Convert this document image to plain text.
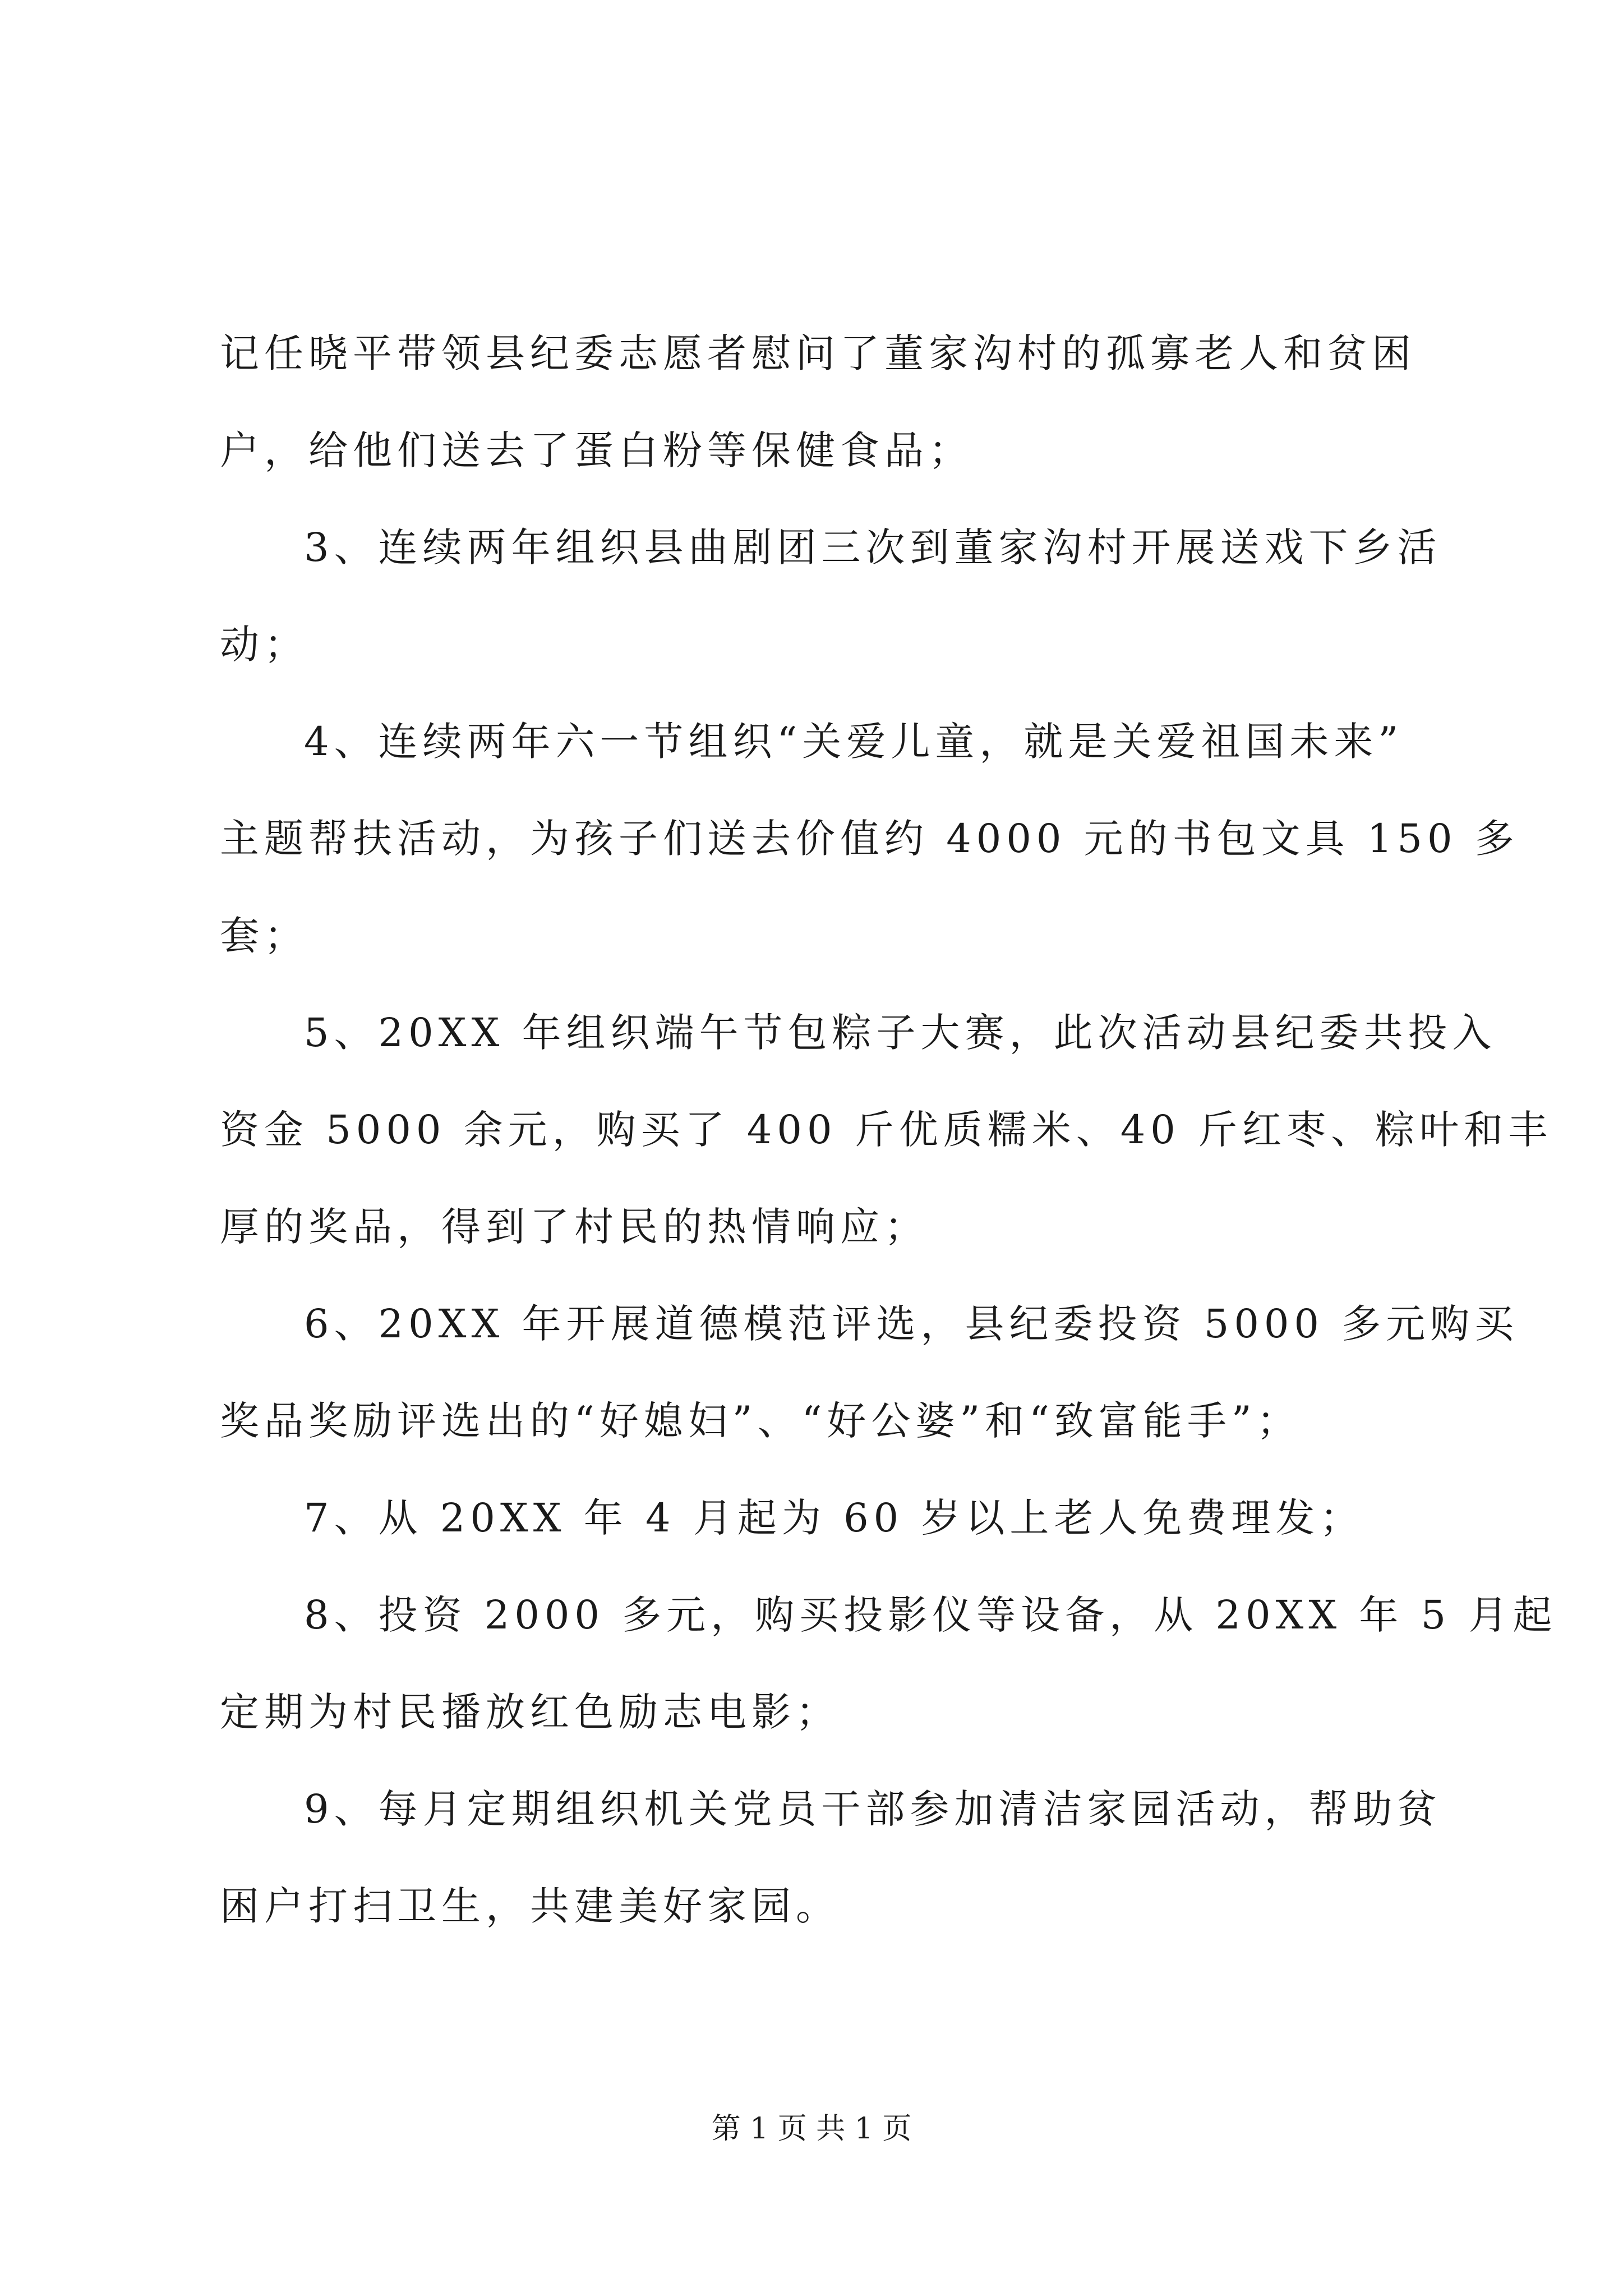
记任晓平带领县纪委志愿者慰问了董家沟村的孤寡老人和贫困
户，给他们送去了蛋白粉等保健食品；
3、连续两年组织县曲剧团三次到董家沟村开展送戏下乡活
动；
4、连续两年六一节组织“关爱儿童，就是关爱祖国未来”
主题帮扶活动，为孩子们送去价值约 4000 元的书包文具 150 多
套；
5、20XX 年组织端午节包粽子大赛，此次活动县纪委共投入
资金 5000 余元，购买了 400 斤优质糯米、40 斤红枣、粽叶和丰
厚的奖品，得到了村民的热情响应；
6、20XX 年开展道德模范评选，县纪委投资 5000 多元购买
奖品奖励评选出的“好媳妇”、“好公婆”和“致富能手”；
7、从 20XX 年 4 月起为 60 岁以上老人免费理发；
8、投资 2000 多元，购买投影仪等设备，从 20XX 年 5 月起
定期为村民播放红色励志电影；
9、每月定期组织机关党员干部参加清洁家园活动，帮助贫
困户打扫卫生，共建美好家园。
第 1 页 共 1 页
